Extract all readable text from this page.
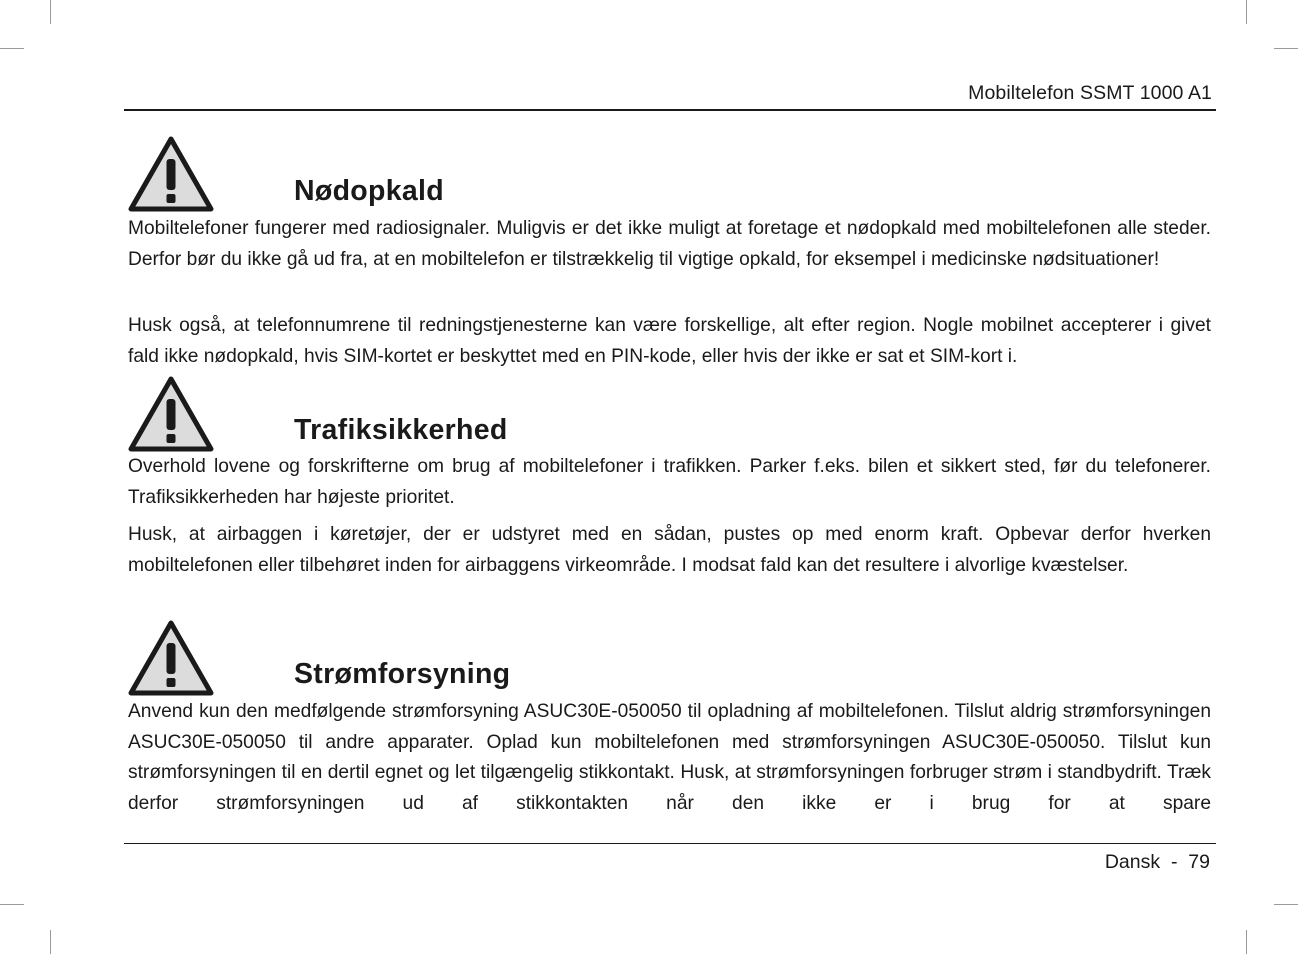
Mobiltelefon SSMT 1000 A1
Nødopkald

Mobiltelefoner fungerer med radiosignaler. Muligvis er det ikke muligt at foretage et nødopkald med mobiltelefonen alle steder. Derfor bør du ikke gå ud fra, at en mobiltelefon er tilstrækkelig til vigtige opkald, for eksempel i medicinske nødsituationer!

Husk også, at telefonnumrene til redningstjenesterne kan være forskellige, alt efter region. Nogle mobilnet accepterer i givet fald ikke nødopkald, hvis SIM-kortet er beskyttet med en PIN-kode, eller hvis der ikke er sat et SIM-kort i.

Trafiksikkerhed

Overhold lovene og forskrifterne om brug af mobiltelefoner i trafikken. Parker f.eks. bilen et sikkert sted, før du telefonerer. Trafiksikkerheden har højeste prioritet.

Husk, at airbaggen i køretøjer, der er udstyret med en sådan, pustes op med enorm kraft. Opbevar derfor hverken mobiltelefonen eller tilbehøret inden for airbaggens virkeområde. I modsat fald kan det resultere i alvorlige kvæstelser.

Strømforsyning

Anvend kun den medfølgende strømforsyning ASUC30E-050050 til opladning af mobiltelefonen. Tilslut aldrig strømforsyningen ASUC30E-050050 til andre apparater. Oplad kun mobiltelefonen med strømforsyningen ASUC30E-050050. Tilslut kun strømforsyningen til en dertil egnet og let tilgængelig stikkontakt. Husk, at strømforsyningen forbruger strøm i standbydrift. Træk derfor strømforsyningen ud af stikkontakten når den ikke er i brug for at spare

Dansk - 79
